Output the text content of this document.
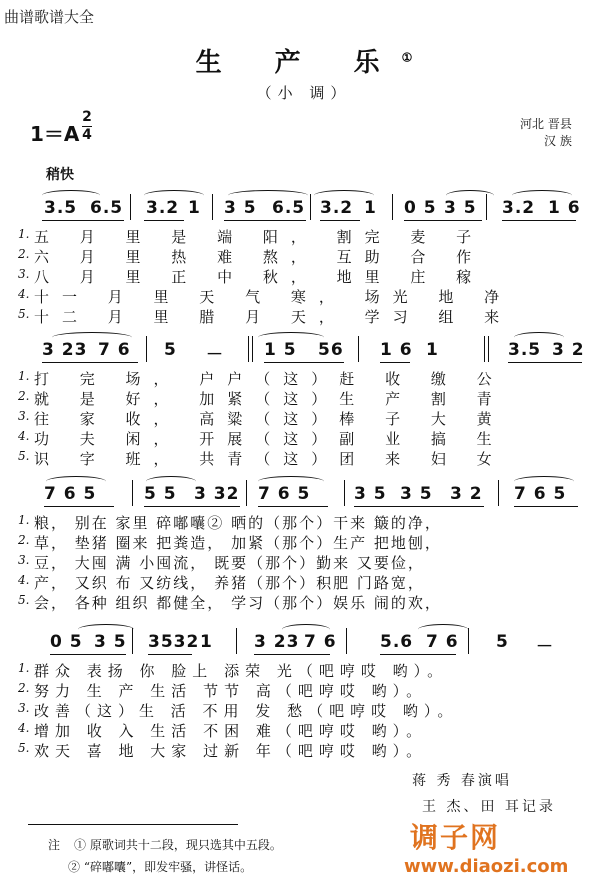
曲谱歌谱大全
生 产 乐①
（小 调）
1＝A
2
4
河北 晋县
汉 族
稍快
3.5 6.5 3.2 1 3 5 6.5 3.2 1 0 5 3 5 3.2 1 6
1. 五 月 里 是 端 阳， 割完 麦 子
2. 六 月 里 热 难 熬， 互助 合 作
3. 八 月 里 正 中 秋， 地里 庄 稼
4. 十一 月 里 天 气 寒， 场光 地 净
5. 十二 月 里 腊 月 天， 学习 组 来
3 23 7 6 5 － 1 5 56 1 6 1	3.5 3 2
1. 打 完 场， 户户（这）赶 收 缴 公
2. 就 是 好， 加紧（这）生 产 割 青
3. 往 家 收， 高粱（这）棒 子 大 黄
4. 功 夫 闲， 开展（这）副 业 搞 生
5. 识 字 班， 共青（这）团 来 妇 女
7 6 5	5 5 3 32 7 6 5	3 5 3 5 3 2 7 6 5
1. 粮， 别在 家里 碎嘟囔② 晒的（那个）干来 簸的净，
2. 草， 垫猪 圈来 把粪造， 加紧（那个）生产 把地刨，
3. 豆， 大囤 满 小囤流， 既要（那个）勤来 又要俭，
4. 产， 又织 布 又纺线， 养猪（那个）积肥 门路宽，
5. 会， 各种 组织 都健全， 学习（那个）娱乐 闹的欢，
0 5 3 5 3532 1 3 23 7 6	5.6 7 6 5 －
1. 群众 表扬 你 脸上 添荣 光（吧哼哎 哟）。
2. 努力 生 产 生活 节节 高（吧哼哎 哟）。
3. 改善（这）生 活 不用 发 愁（吧哼哎 哟）。
4. 增加 收 入 生活 不困 难（吧哼哎 哟）。
5. 欢天 喜 地 大家 过新 年（吧哼哎 哟）。
蒋 秀 春演唱
王 杰、田 耳记录
注 ① 原歌词共十二段，现只选其中五段。
② “碎嘟囔”，即发牢骚，讲怪话。
调子网
www.diaozi.com
